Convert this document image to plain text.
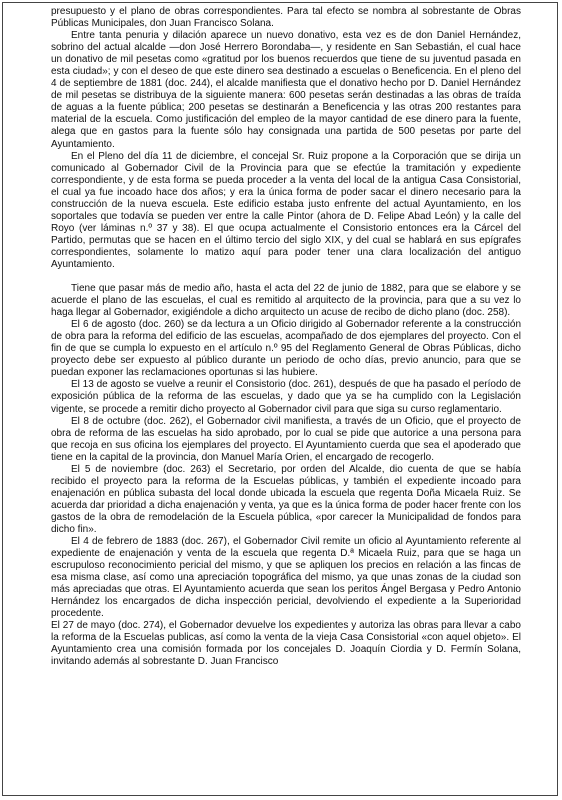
presupuesto y el plano de obras correspondientes. Para tal efecto se nombra al sobrestante de Obras Públicas Municipales, don Juan Francisco Solana.

Entre tanta penuria y dilación aparece un nuevo donativo, esta vez es de don Daniel Hernández, sobrino del actual alcalde —don José Herrero Borondaba—, y residente en San Sebastián, el cual hace un donativo de mil pesetas como «gratitud por los buenos recuerdos que tiene de su juventud pasada en esta ciudad»; y con el deseo de que este dinero sea destinado a escuelas o Beneficencia. En el pleno del 4 de septiembre de 1881 (doc. 244), el alcalde manifiesta que el donativo hecho por D. Daniel Hernández de mil pesetas se distribuya de la siguiente manera: 600 pesetas serán destinadas a las obras de traída de aguas a la fuente pública; 200 pesetas se destinarán a Beneficencia y las otras 200 restantes para material de la escuela. Como justificación del empleo de la mayor cantidad de ese dinero para la fuente, alega que en gastos para la fuente sólo hay consignada una partida de 500 pesetas por parte del Ayuntamiento.

En el Pleno del día 11 de diciembre, el concejal Sr. Ruiz propone a la Corporación que se dirija un comunicado al Gobernador Civil de la Provincia para que se efectúe la tramitación y expediente correspondiente, y de esta forma se pueda proceder a la venta del local de la antigua Casa Consistorial, el cual ya fue incoado hace dos años; y era la única forma de poder sacar el dinero necesario para la construcción de la nueva escuela. Este edificio estaba justo enfrente del actual Ayuntamiento, en los soportales que todavía se pueden ver entre la calle Pintor (ahora de D. Felipe Abad León) y la calle del Royo (ver láminas n.º 37 y 38). El que ocupa actualmente el Consistorio entonces era la Cárcel del Partido, permutas que se hacen en el último tercio del siglo XIX, y del cual se hablará en sus epígrafes correspondientes, solamente lo matizo aquí para poder tener una clara localización del antiguo Ayuntamiento.

Tiene que pasar más de medio año, hasta el acta del 22 de junio de 1882, para que se elabore y se acuerde el plano de las escuelas, el cual es remitido al arquitecto de la provincia, para que a su vez lo haga llegar al Gobernador, exigiéndole a dicho arquitecto un acuse de recibo de dicho plano (doc. 258).

El 6 de agosto (doc. 260) se da lectura a un Oficio dirigido al Gobernador referente a la construcción de obra para la reforma del edificio de las escuelas, acompañado de dos ejemplares del proyecto. Con el fin de que se cumpla lo expuesto en el artículo n.º 95 del Reglamento General de Obras Públicas, dicho proyecto debe ser expuesto al público durante un periodo de ocho días, previo anuncio, para que se puedan exponer las reclamaciones oportunas si las hubiere.

El 13 de agosto se vuelve a reunir el Consistorio (doc. 261), después de que ha pasado el período de exposición pública de la reforma de las escuelas, y dado que ya se ha cumplido con la Legislación vigente, se procede a remitir dicho proyecto al Gobernador civil para que siga su curso reglamentario.

El 8 de octubre (doc. 262), el Gobernador civil manifiesta, a través de un Oficio, que el proyecto de obra de reforma de las escuelas ha sido aprobado, por lo cual se pide que autorice a una persona para que recoja en sus oficina los ejemplares del proyecto. El Ayuntamiento cuerda que sea el apoderado que tiene en la capital de la provincia, don Manuel María Orien, el encargado de recogerlo.

El 5 de noviembre (doc. 263) el Secretario, por orden del Alcalde, dio cuenta de que se había recibido el proyecto para la reforma de la Escuelas públicas, y también el expediente incoado para enajenación en pública subasta del local donde ubicada la escuela que regenta Doña Micaela Ruiz. Se acuerda dar prioridad a dicha enajenación y venta, ya que es la única forma de poder hacer frente con los gastos de la obra de remodelación de la Escuela pública, «por carecer la Municipalidad de fondos para dicho fin».

El 4 de febrero de 1883 (doc. 267), el Gobernador Civil remite un oficio al Ayuntamiento referente al expediente de enajenación y venta de la escuela que regenta D.ª Micaela Ruiz, para que se haga un escrupuloso reconocimiento pericial del mismo, y que se apliquen los precios en relación a las fincas de esa misma clase, así como una apreciación topográfica del mismo, ya que unas zonas de la ciudad son más apreciadas que otras. El Ayuntamiento acuerda que sean los peritos Ángel Bergasa y Pedro Antonio Hernández los encargados de dicha inspección pericial, devolviendo el expediente a la Superioridad procedente.

El 27 de mayo (doc. 274), el Gobernador devuelve los expedientes y autoriza las obras para llevar a cabo la reforma de la Escuelas publicas, así como la venta de la vieja Casa Consistorial «con aquel objeto». El Ayuntamiento crea una comisión formada por los concejales D. Joaquín Ciordia y D. Fermín Solana, invitando además al sobrestante D. Juan Francisco
